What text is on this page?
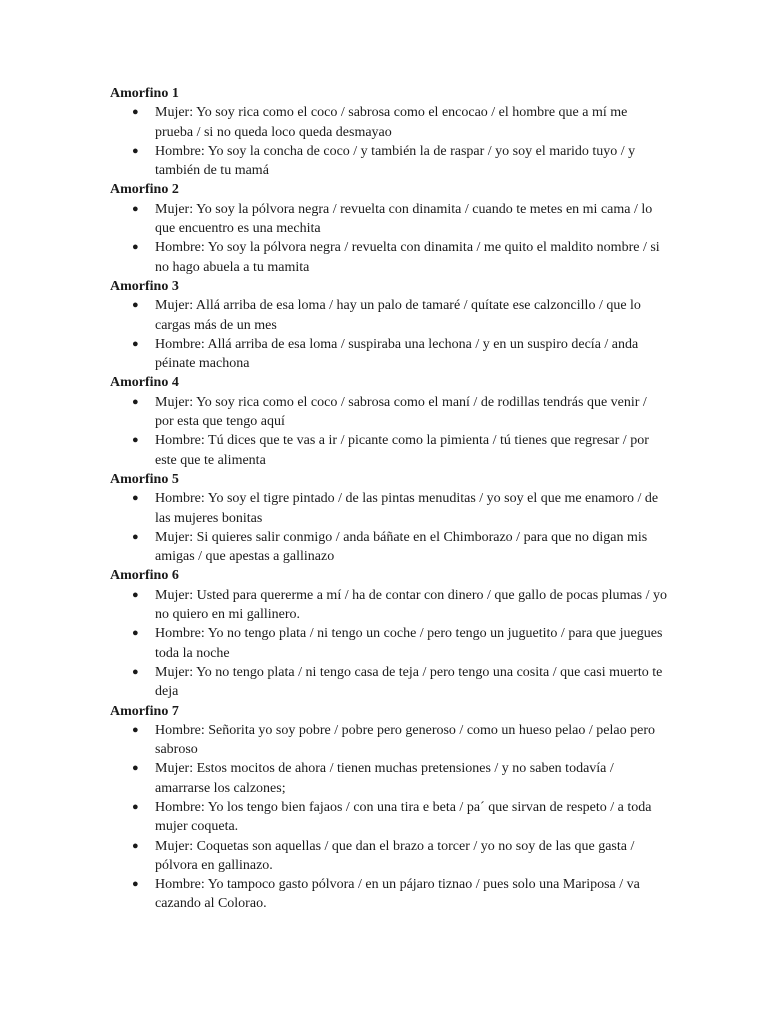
Amorfino 1
● Mujer: Yo soy rica como el coco / sabrosa como el encocao / el hombre que a mí me prueba / si no queda loco queda desmayao
● Hombre: Yo soy la concha de coco / y también la de raspar / yo soy el marido tuyo / y también de tu mamá
Amorfino 2
● Mujer: Yo soy la pólvora negra / revuelta con dinamita / cuando te metes en mi cama / lo que encuentro es una mechita
● Hombre: Yo soy la pólvora negra / revuelta con dinamita / me quito el maldito nombre / si no hago abuela a tu mamita
Amorfino 3
● Mujer: Allá arriba de esa loma / hay un palo de tamaré / quítate ese calzoncillo / que lo cargas más de un mes
● Hombre: Allá arriba de esa loma / suspiraba una lechona / y en un suspiro decía / anda péinate machona
Amorfino 4
● Mujer: Yo soy rica como el coco / sabrosa como el maní / de rodillas tendrás que venir / por esta que tengo aquí
● Hombre: Tú dices que te vas a ir / picante como la pimienta / tú tienes que regresar / por este que te alimenta
Amorfino 5
● Hombre: Yo soy el tigre pintado / de las pintas menuditas / yo soy el que me enamoro / de las mujeres bonitas
● Mujer: Si quieres salir conmigo / anda báñate en el Chimborazo / para que no digan mis amigas / que apestas a gallinazo
Amorfino 6
● Mujer: Usted para quererme a mí / ha de contar con dinero / que gallo de pocas plumas / yo no quiero en mi gallinero.
● Hombre: Yo no tengo plata / ni tengo un coche / pero tengo un juguetito / para que juegues toda la noche
● Mujer: Yo no tengo plata / ni tengo casa de teja / pero tengo una cosita / que casi muerto te deja
Amorfino 7
● Hombre: Señorita yo soy pobre / pobre pero generoso / como un hueso pelao / pelao pero sabroso
● Mujer: Estos mocitos de ahora / tienen muchas pretensiones / y no saben todavía / amarrarse los calzones;
● Hombre: Yo los tengo bien fajaos / con una tira e beta / pa´ que sirvan de respeto / a toda mujer coqueta.
● Mujer: Coquetas son aquellas / que dan el brazo a torcer / yo no soy de las que gasta / pólvora en gallinazo.
● Hombre: Yo tampoco gasto pólvora / en un pájaro tiznao / pues solo una Mariposa / va cazando al Colorao.
